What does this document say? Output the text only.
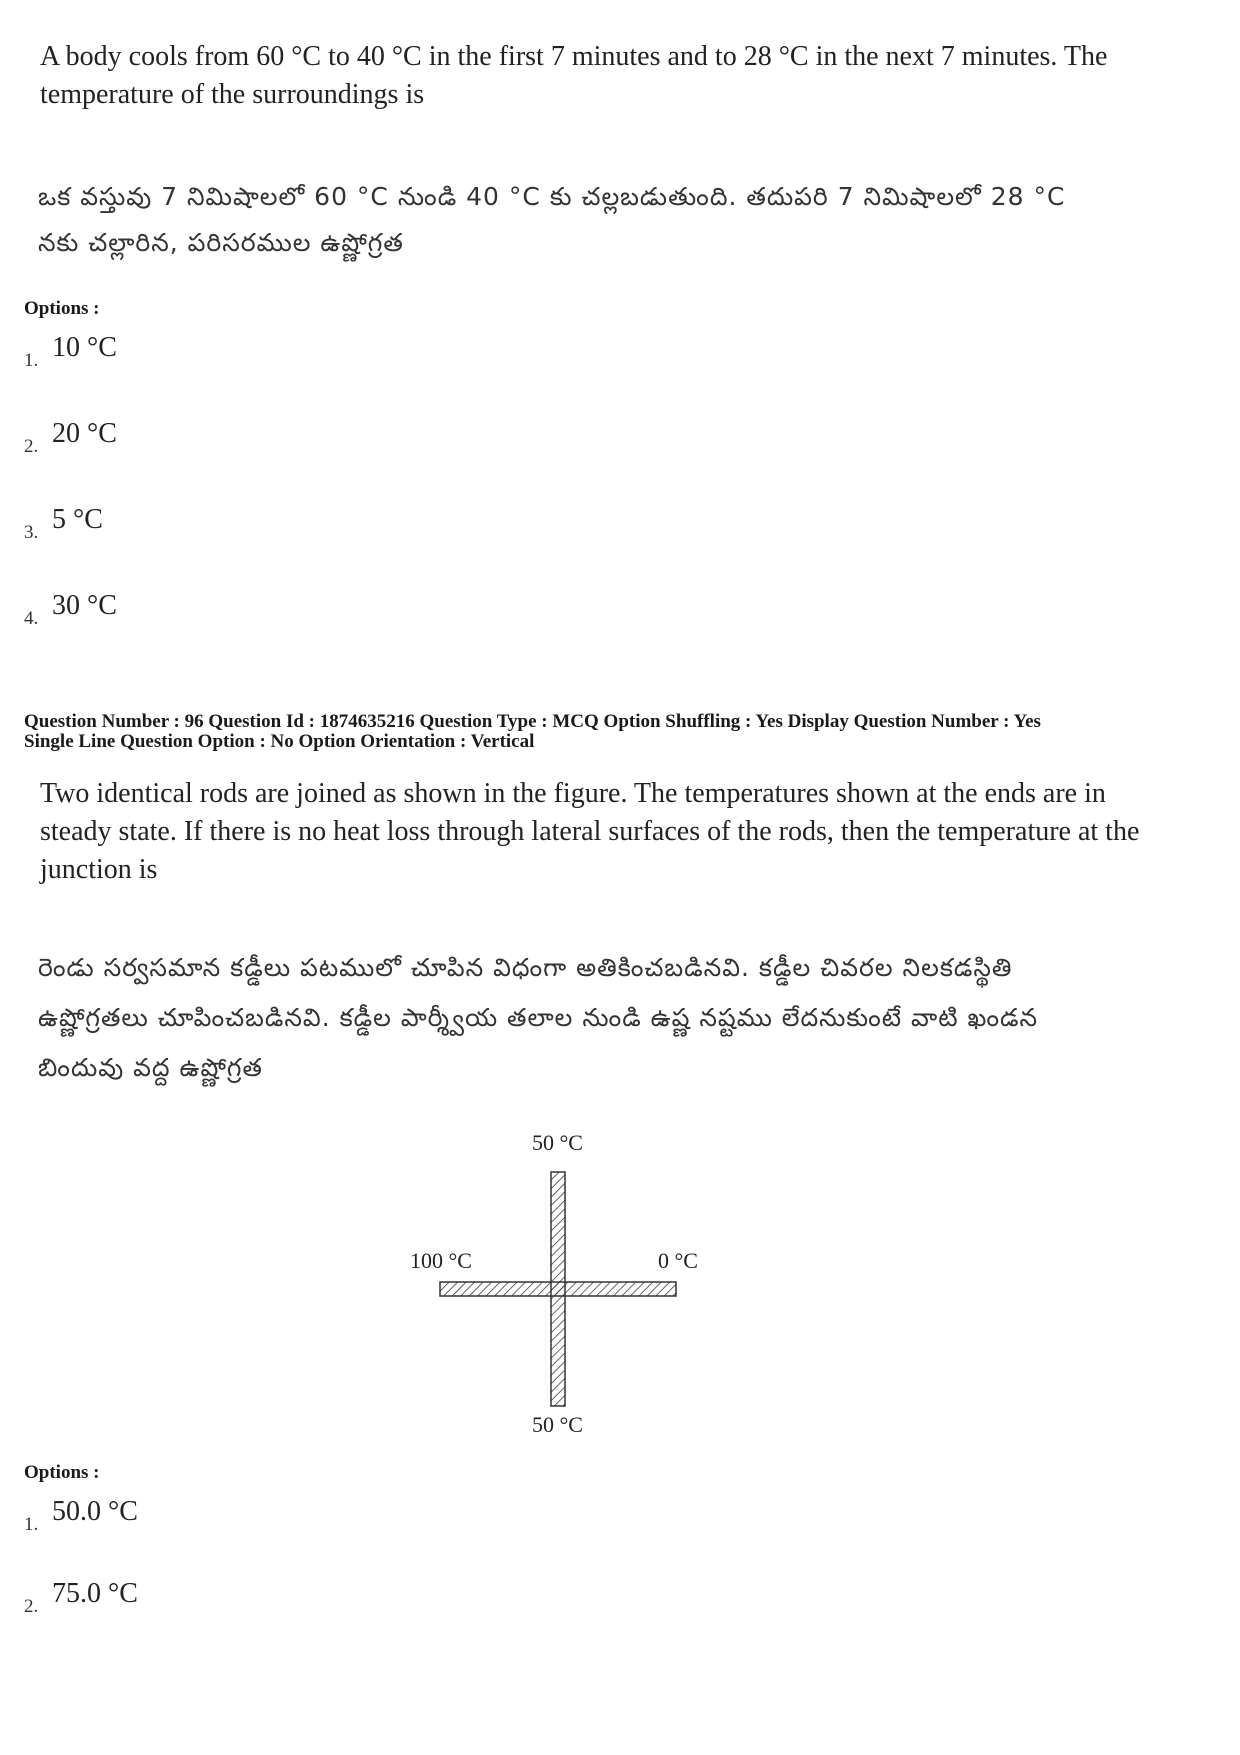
A body cools from 60 °C to 40 °C in the first 7 minutes and to 28 °C in the next 7 minutes. The temperature of the surroundings is
ఒక వస్తువు 7 నిమిషాలలో 60 °C నుండి 40 °C కు చల్లబడుతుంది. తదుపరి 7 నిమిషాలలో 28 °C
నకు చల్లారిన, పరిసరముల ఉష్ణోగ్రత
Options :
1. 10 °C
2. 20 °C
3. 5 °C
4. 30 °C
Question Number : 96 Question Id : 1874635216 Question Type : MCQ Option Shuffling : Yes Display Question Number : Yes
Single Line Question Option : No Option Orientation : Vertical
Two identical rods are joined as shown in the figure. The temperatures shown at the ends are in steady state. If there is no heat loss through lateral surfaces of the rods, then the temperature at the junction is
రెండు సర్వసమాన కడ్డీలు పటములో చూపిన విధంగా అతికించబడినవి. కడ్డీల చివరల నిలకడస్థితి
ఉష్ణోగ్రతలు చూపించబడినవి. కడ్డీల పార్శ్వీయ తలాల నుండి ఉష్ణ నష్టము లేదనుకుంటే వాటి ఖండన
బిందువు వద్ద ఉష్ణోగ్రత
50 °C
100 °C	0 °C
50 °C
Options :
1. 50.0 °C
2. 75.0 °C
